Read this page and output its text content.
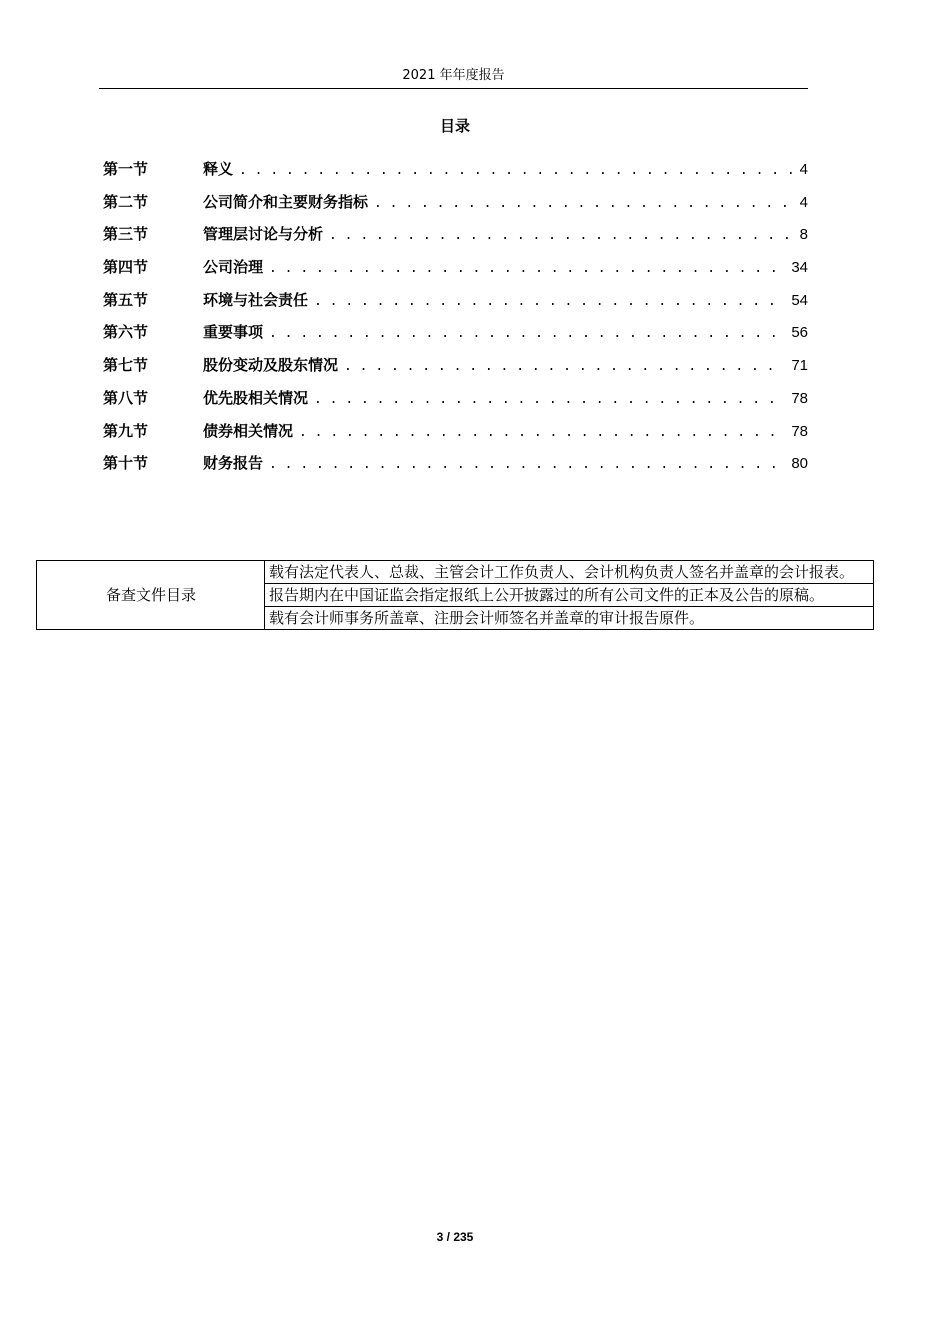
2021 年年度报告
目录
第一节	释义 . . .	4
第二节	公司简介和主要财务指标 . . .	4
第三节	管理层讨论与分析 . . .	8
第四节	公司治理 . . .	34
第五节	环境与社会责任 . . .	54
第六节	重要事项 . . .	56
第七节	股份变动及股东情况 . . .	71
第八节	优先股相关情况 . . .	78
第九节	债券相关情况 . . .	78
第十节	财务报告 . . .	80
备查文件目录	载有法定代表人、总裁、主管会计工作负责人、会计机构负责人签名并盖章的会计报表。
报告期内在中国证监会指定报纸上公开披露过的所有公司文件的正本及公告的原稿。
载有会计师事务所盖章、注册会计师签名并盖章的审计报告原件。
3 / 235
